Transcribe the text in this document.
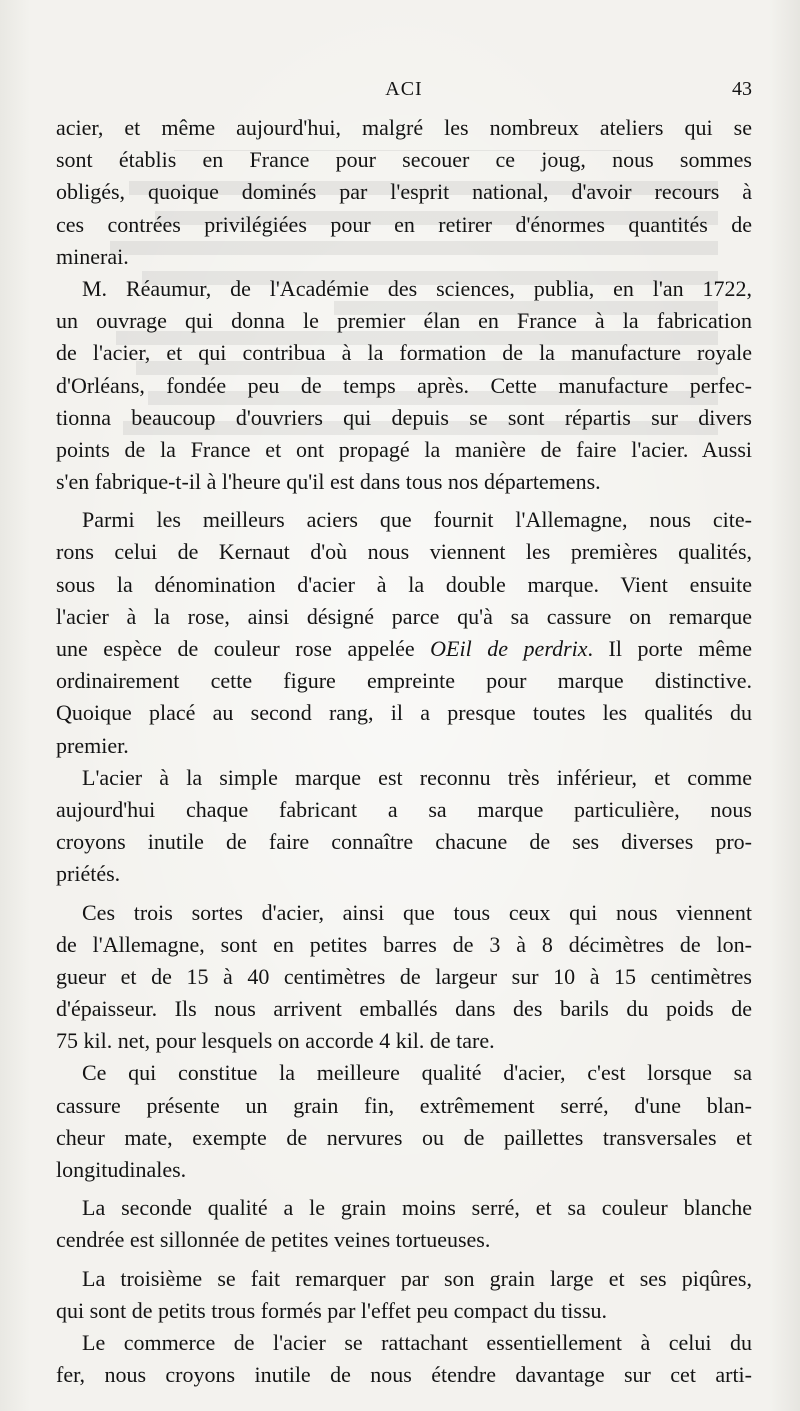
ACI	43
acier, et même aujourd'hui, malgré les nombreux ateliers qui se
sont établis en France pour secouer ce joug, nous sommes
obligés, quoique dominés par l'esprit national, d'avoir recours à
ces contrées privilégiées pour en retirer d'énormes quantités de
minerai.
M. Réaumur, de l'Académie des sciences, publia, en l'an 1722,
un ouvrage qui donna le premier élan en France à la fabrication
de l'acier, et qui contribua à la formation de la manufacture royale
d'Orléans, fondée peu de temps après. Cette manufacture perfec-
tionna beaucoup d'ouvriers qui depuis se sont répartis sur divers
points de la France et ont propagé la manière de faire l'acier. Aussi
s'en fabrique-t-il à l'heure qu'il est dans tous nos départemens.
Parmi les meilleurs aciers que fournit l'Allemagne, nous cite-
rons celui de Kernaut d'où nous viennent les premières qualités,
sous la dénomination d'acier à la double marque. Vient ensuite
l'acier à la rose, ainsi désigné parce qu'à sa cassure on remarque
une espèce de couleur rose appelée OEil de perdrix. Il porte même
ordinairement cette figure empreinte pour marque distinctive.
Quoique placé au second rang, il a presque toutes les qualités du
premier.
L'acier à la simple marque est reconnu très inférieur, et comme
aujourd'hui chaque fabricant a sa marque particulière, nous
croyons inutile de faire connaître chacune de ses diverses pro-
priétés.
Ces trois sortes d'acier, ainsi que tous ceux qui nous viennent
de l'Allemagne, sont en petites barres de 3 à 8 décimètres de lon-
gueur et de 15 à 40 centimètres de largeur sur 10 à 15 centimètres
d'épaisseur. Ils nous arrivent emballés dans des barils du poids de
75 kil. net, pour lesquels on accorde 4 kil. de tare.
Ce qui constitue la meilleure qualité d'acier, c'est lorsque sa
cassure présente un grain fin, extrêmement serré, d'une blan-
cheur mate, exempte de nervures ou de paillettes transversales et
longitudinales.
La seconde qualité a le grain moins serré, et sa couleur blanche
cendrée est sillonnée de petites veines tortueuses.
La troisième se fait remarquer par son grain large et ses piqûres,
qui sont de petits trous formés par l'effet peu compact du tissu.
Le commerce de l'acier se rattachant essentiellement à celui du
fer, nous croyons inutile de nous étendre davantage sur cet arti-
